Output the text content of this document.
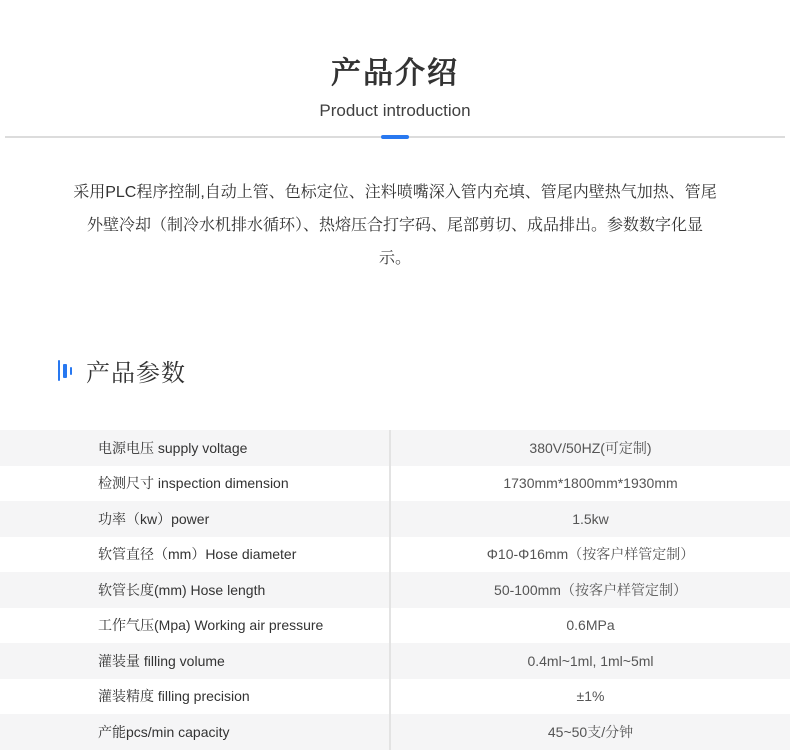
产品介绍
Product introduction

采用PLC程序控制,自动上管、色标定位、注料喷嘴深入管内充填、管尾内壁热气加热、管尾外壁冷却（制冷水机排水循环）、热熔压合打字码、尾部剪切、成品排出。参数数字化显示。

产品参数
电源电压 supply voltage	380V/50HZ(可定制)
检测尺寸 inspection dimension	1730mm*1800mm*1930mm
功率（kw）power	1.5kw
软管直径（mm）Hose diameter	Φ10-Φ16mm（按客户样管定制）
软管长度(mm) Hose length	50-100mm（按客户样管定制）
工作气压(Mpa) Working air pressure	0.6MPa
灌装量 filling volume	0.4ml~1ml, 1ml~5ml
灌装精度 filling precision	±1%
产能pcs/min capacity	45~50支/分钟
